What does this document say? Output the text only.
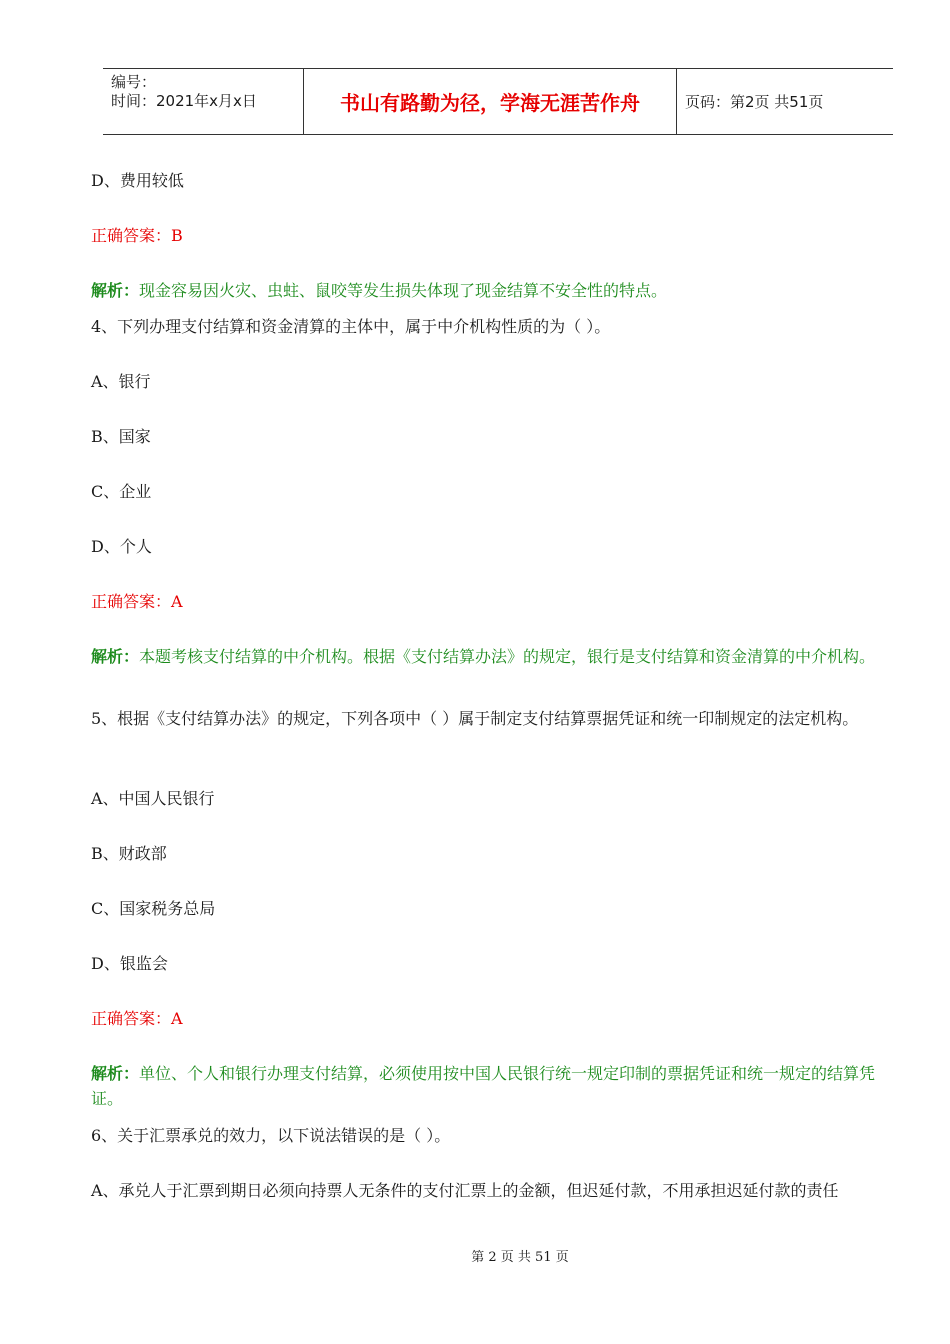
编号：
时间：2021年x月x日	书山有路勤为径，学海无涯苦作舟	页码：第2页 共51页
D、费用较低
正确答案：B
解析：现金容易因火灾、虫蛀、鼠咬等发生损失体现了现金结算不安全性的特点。
4、下列办理支付结算和资金清算的主体中，属于中介机构性质的为（ ）。
A、银行
B、国家
C、企业
D、个人
正确答案：A
解析：本题考核支付结算的中介机构。根据《支付结算办法》的规定，银行是支付结算和资金清算的中介机构。
5、根据《支付结算办法》的规定，下列各项中（ ）属于制定支付结算票据凭证和统一印制规定的法定机构。
A、中国人民银行
B、财政部
C、国家税务总局
D、银监会
正确答案：A
解析：单位、个人和银行办理支付结算，必须使用按中国人民银行统一规定印制的票据凭证和统一规定的结算凭证。
6、关于汇票承兑的效力，以下说法错误的是（ ）。
A、承兑人于汇票到期日必须向持票人无条件的支付汇票上的金额，但迟延付款，不用承担迟延付款的责任
第 2 页 共 51 页
